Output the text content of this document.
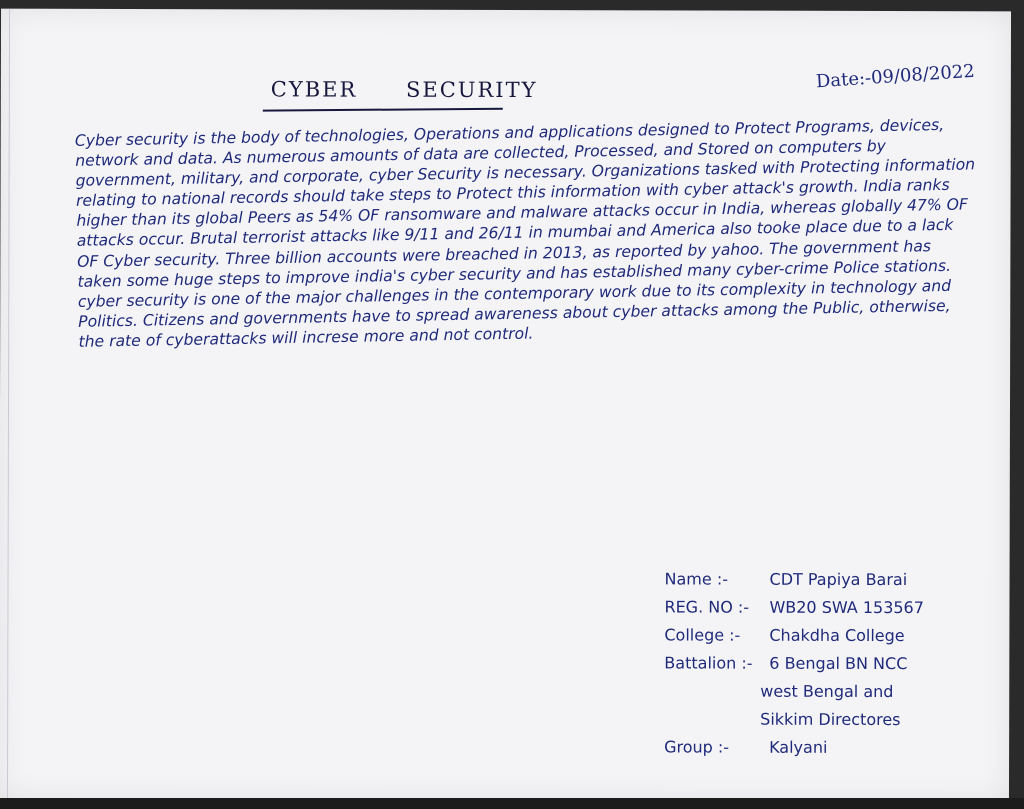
CYBER SECURITY	Date:-09/08/2022
Cyber security is the body of technologies, Operations and applications designed to Protect Programs, devices, network and data. As numerous amounts of data are collected, Processed, and Stored on computers by government, military, and corporate, cyber Security is necessary. Organizations tasked with Protecting information relating to national records should take steps to Protect this information with cyber attack's growth. India ranks higher than its global Peers as 54% OF ransomware and malware attacks occur in India, whereas globally 47% OF attacks occur. Brutal terrorist attacks like 9/11 and 26/11 in mumbai and America also tooke place due to a lack OF Cyber security. Three billion accounts were breached in 2013, as reported by yahoo. The government has taken some huge steps to improve india's cyber security and has established many cyber-crime Police stations. cyber security is one of the major challenges in the contemporary work due to its complexity in technology and Politics. Citizens and governments have to spread awareness about cyber attacks among the Public, otherwise, the rate of cyberattacks will increse more and not control.
Name :-	CDT Papiya Barai
REG. NO :-	WB20 SWA 153567
College :-	Chakdha College
Battalion :-	6 Bengal BN NCC
west Bengal and
Sikkim Directores
Group :-	Kalyani
